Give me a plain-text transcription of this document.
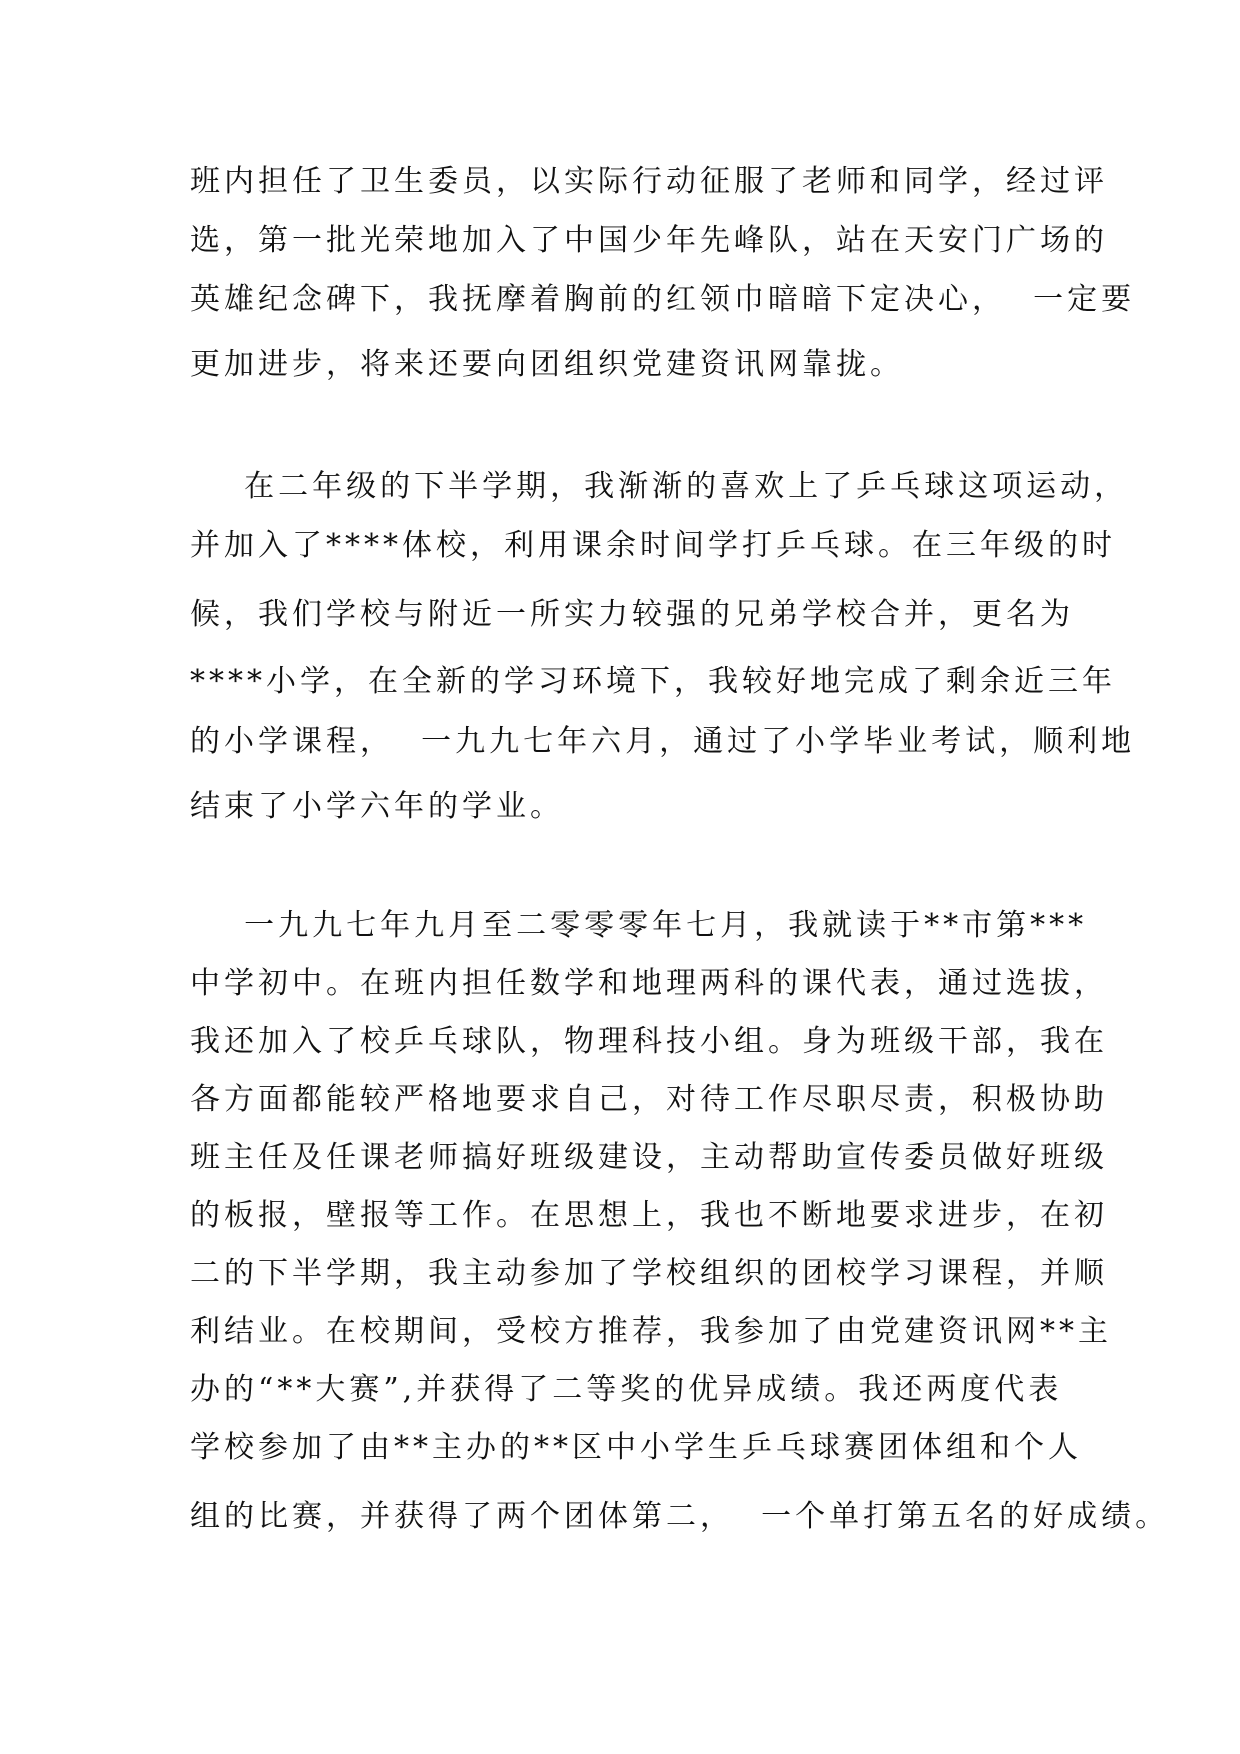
班内担任了卫生委员，以实际行动征服了老师和同学，经过评
选，第一批光荣地加入了中国少年先峰队，站在天安门广场的
英雄纪念碑下，我抚摩着胸前的红领巾暗暗下定决心，  一定要
更加进步，将来还要向团组织党建资讯网靠拢。
在二年级的下半学期，我渐渐的喜欢上了乒乓球这项运动，
并加入了****体校，利用课余时间学打乒乓球。在三年级的时
候，我们学校与附近一所实力较强的兄弟学校合并，更名为
****小学，在全新的学习环境下，我较好地完成了剩余近三年
的小学课程，  一九九七年六月，通过了小学毕业考试，顺利地
结束了小学六年的学业。
一九九七年九月至二零零零年七月，我就读于**市第***
中学初中。在班内担任数学和地理两科的课代表，通过选拔，
我还加入了校乒乓球队，物理科技小组。身为班级干部，我在
各方面都能较严格地要求自己，对待工作尽职尽责，积极协助
班主任及任课老师搞好班级建设，主动帮助宣传委员做好班级
的板报，壁报等工作。在思想上，我也不断地要求进步，在初
二的下半学期，我主动参加了学校组织的团校学习课程，并顺
利结业。在校期间，受校方推荐，我参加了由党建资讯网**主
办的“**大赛”,并获得了二等奖的优异成绩。我还两度代表
学校参加了由**主办的**区中小学生乒乓球赛团体组和个人
组的比赛，并获得了两个团体第二，  一个单打第五名的好成绩。
